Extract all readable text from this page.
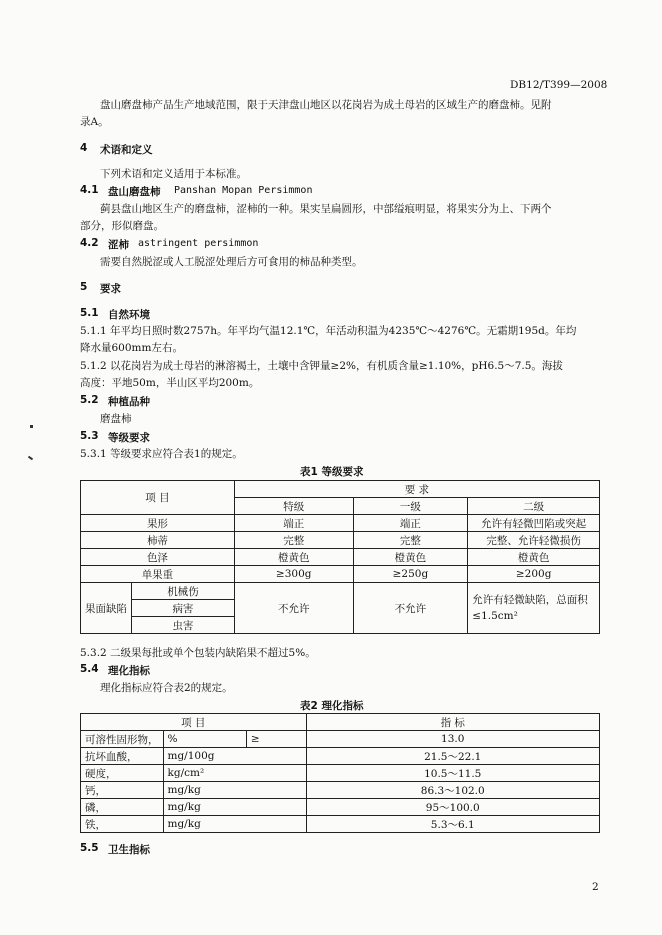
DB12/T399—2008
盘山磨盘柿产品生产地域范围，限于天津盘山地区以花岗岩为成土母岩的区域生产的磨盘柿。见附
录A。
4 术语和定义
下列术语和定义适用于本标准。
4.1 盘山磨盘柿 Panshan Mopan Persimmon
蓟县盘山地区生产的磨盘柿，涩柿的一种。果实呈扁圆形，中部缢痕明显，将果实分为上、下两个
部分，形似磨盘。
4.2 涩柿 astringent persimmon
需要自然脱涩或人工脱涩处理后方可食用的柿品种类型。
5 要求
5.1 自然环境
5.1.1 年平均日照时数2757h。年平均气温12.1℃，年活动积温为4235℃～4276℃。无霜期195d。年均
降水量600mm左右。
5.1.2 以花岗岩为成土母岩的淋溶褐土，土壤中含钾量≥2%，有机质含量≥1.10%，pH6.5～7.5。海拔
高度：平地50m，半山区平均200m。
5.2 种植品种
磨盘柿
5.3 等级要求
5.3.1 等级要求应符合表1的规定。
表1 等级要求
项 目		要 求		
		特级	一级	二级
果形		端正	端正	允许有轻微凹陷或突起
柿蒂		完整	完整	完整、允许轻微损伤
色泽		橙黄色	橙黄色	橙黄色
单果重		≥300g	≥250g	≥200g
果面缺陷	机械伤	不允许	不允许	允许有轻微缺陷，总面积
≤1.5cm²

	病害			
	虫害			
5.3.2 二级果每批或单个包装内缺陷果不超过5%。
5.4 理化指标
理化指标应符合表2的规定。
表2 理化指标
项 目			指 标
可溶性固形物，	%	≥	13.0
抗坏血酸，	mg/100g		21.5～22.1
硬度，	kg/cm²		10.5～11.5
钙，	mg/kg		86.3～102.0
磷，	mg/kg		95～100.0
铁，	mg/kg		5.3～6.1
5.5 卫生指标
2
